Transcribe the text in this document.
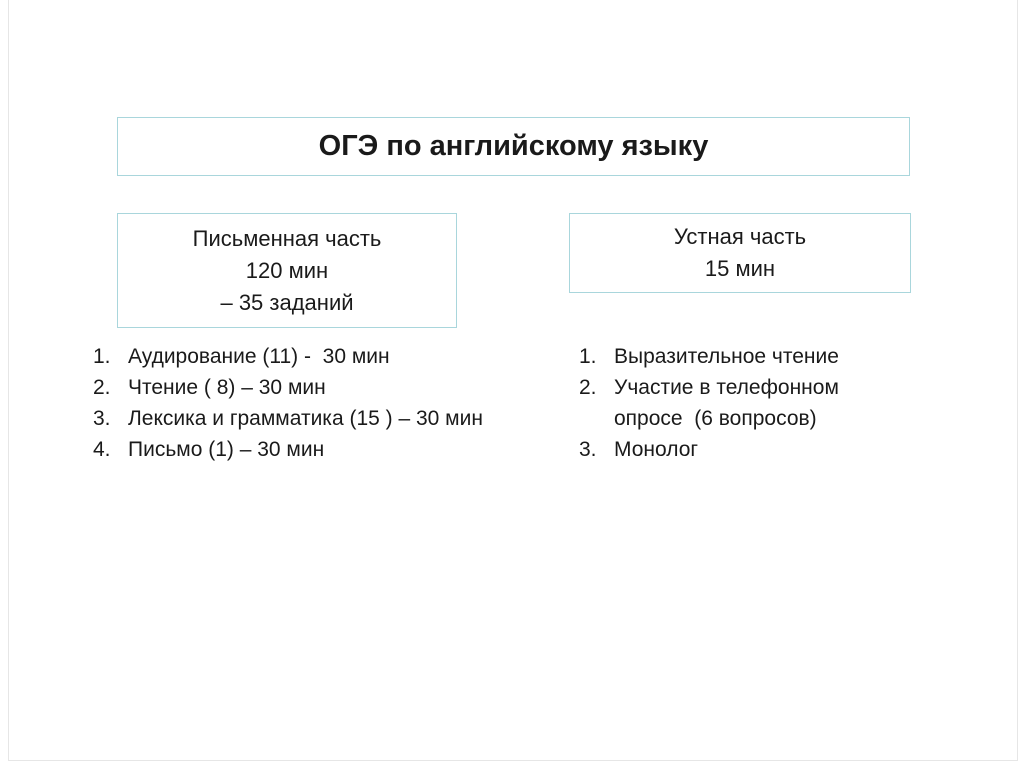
ОГЭ по английскому языку
Письменная часть
120 мин
– 35 заданий
Устная часть
15 мин
1. Аудирование (11) -  30 мин
2. Чтение ( 8) – 30 мин
3. Лексика и грамматика (15 ) – 30 мин
4. Письмо (1) – 30 мин
1. Выразительное чтение
2. Участие в телефонном
опросе  (6 вопросов)
3. Монолог
